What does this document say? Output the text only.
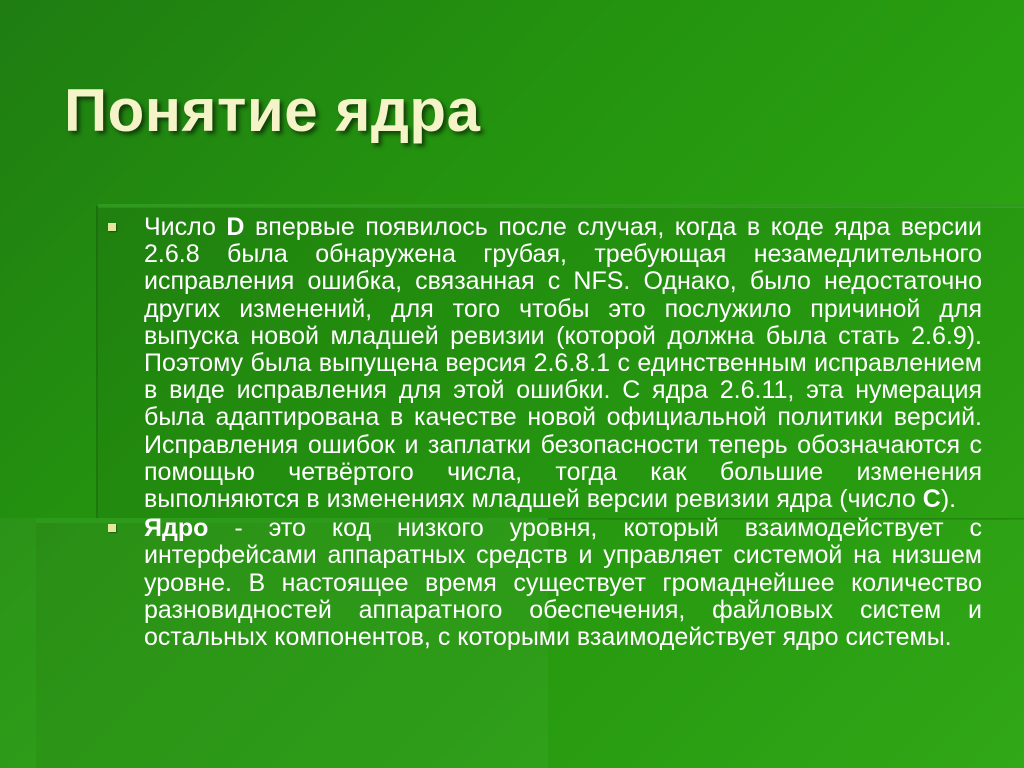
Понятие ядра
Число D впервые появилось после случая, когда в коде ядра версии 2.6.8 была обнаружена грубая, требующая незамедлительного исправления ошибка, связанная с NFS. Однако, было недостаточно других изменений, для того чтобы это послужило причиной для выпуска новой младшей ревизии (которой должна была стать 2.6.9). Поэтому была выпущена версия 2.6.8.1 с единственным исправлением в виде исправления для этой ошибки. С ядра 2.6.11, эта нумерация была адаптирована в качестве новой официальной политики версий. Исправления ошибок и заплатки безопасности теперь обозначаются с помощью четвёртого числа, тогда как большие изменения выполняются в изменениях младшей версии ревизии ядра (число C).
Ядро - это код низкого уровня, который взаимодействует с интерфейсами аппаратных средств и управляет системой на низшем уровне. В настоящее время существует громаднейшее количество разновидностей аппаратного обеспечения, файловых систем и остальных компонентов, с которыми взаимодействует ядро системы.
